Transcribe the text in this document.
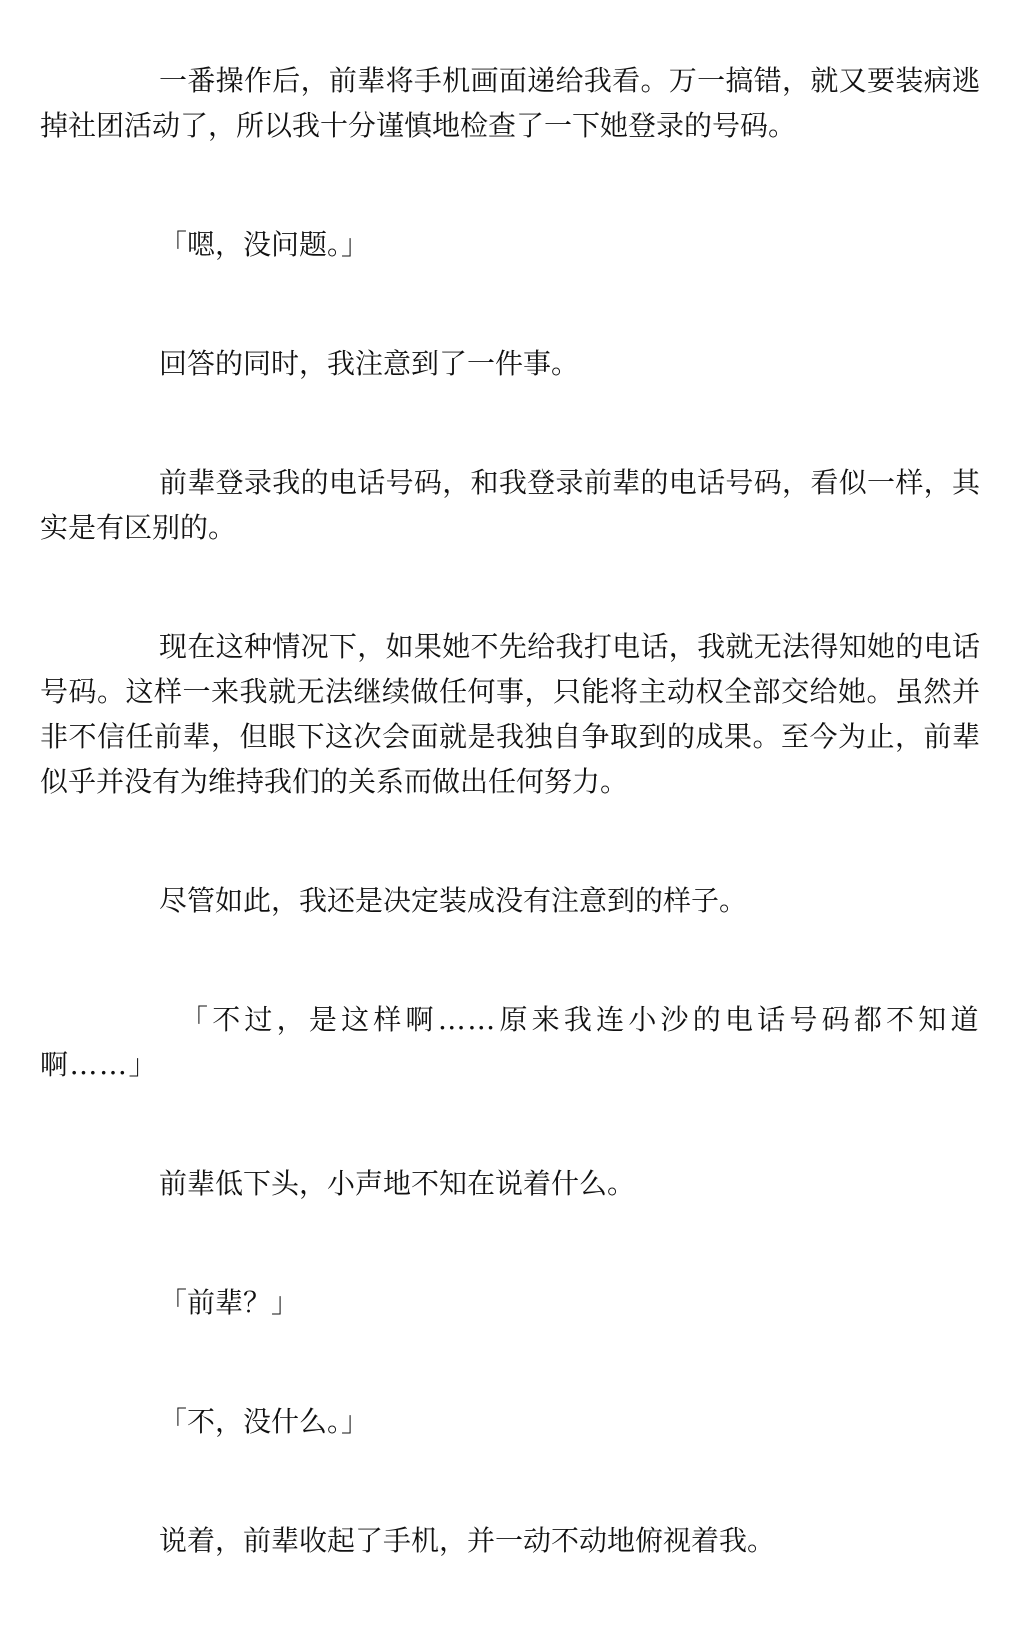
一番操作后，前辈将手机画面递给我看。万一搞错，就又要装病逃掉社团活动了，所以我十分谨慎地检查了一下她登录的号码。

「嗯，没问题。」

回答的同时，我注意到了一件事。

前辈登录我的电话号码，和我登录前辈的电话号码，看似一样，其实是有区别的。

现在这种情况下，如果她不先给我打电话，我就无法得知她的电话号码。这样一来我就无法继续做任何事，只能将主动权全部交给她。虽然并非不信任前辈，但眼下这次会面就是我独自争取到的成果。至今为止，前辈似乎并没有为维持我们的关系而做出任何努力。

尽管如此，我还是决定装成没有注意到的样子。

「不过，是这样啊……原来我连小沙的电话号码都不知道啊……」

前辈低下头，小声地不知在说着什么。

「前辈？」

「不，没什么。」

说着，前辈收起了手机，并一动不动地俯视着我。
